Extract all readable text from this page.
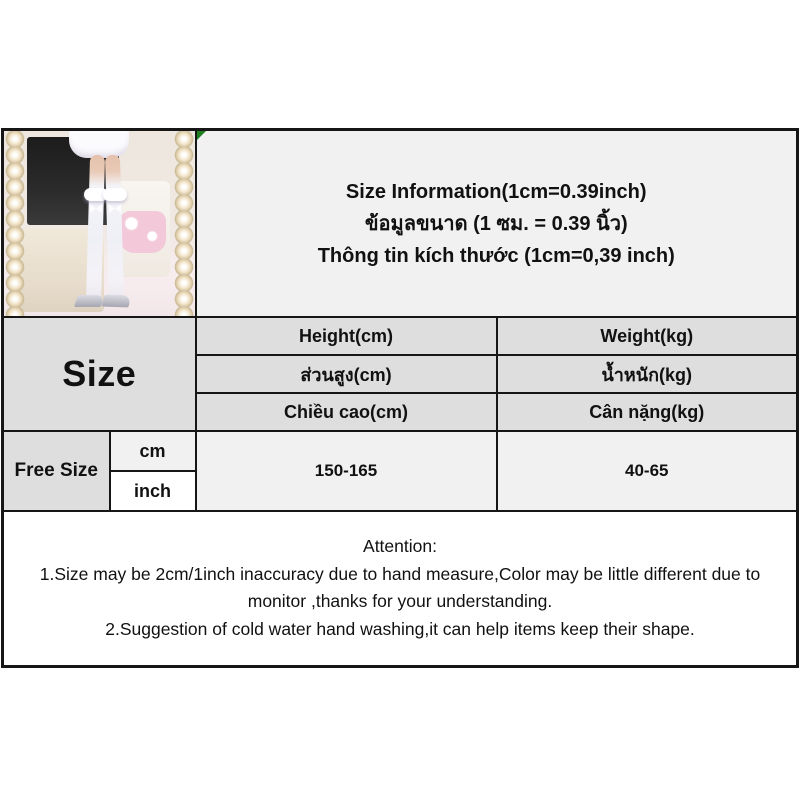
		Size Information(1cm=0.39inch)
ข้อมูลขนาด (1 ซม. = 0.39 นิ้ว)
Thông tin kích thước (1cm=0,39 inch)	

Size		Height(cm)	Weight(kg)
		ส่วนสูง(cm)	น้ำหนัก(kg)
		Chiều cao(cm)	Cân nặng(kg)
Free Size	cm	150-165	40-65
	inch		

Attention:
1.Size may be 2cm/1inch inaccuracy due to hand measure,Color may be little different due to monitor ,thanks for your understanding.
2.Suggestion of cold water hand washing,it can help items keep their shape.			
